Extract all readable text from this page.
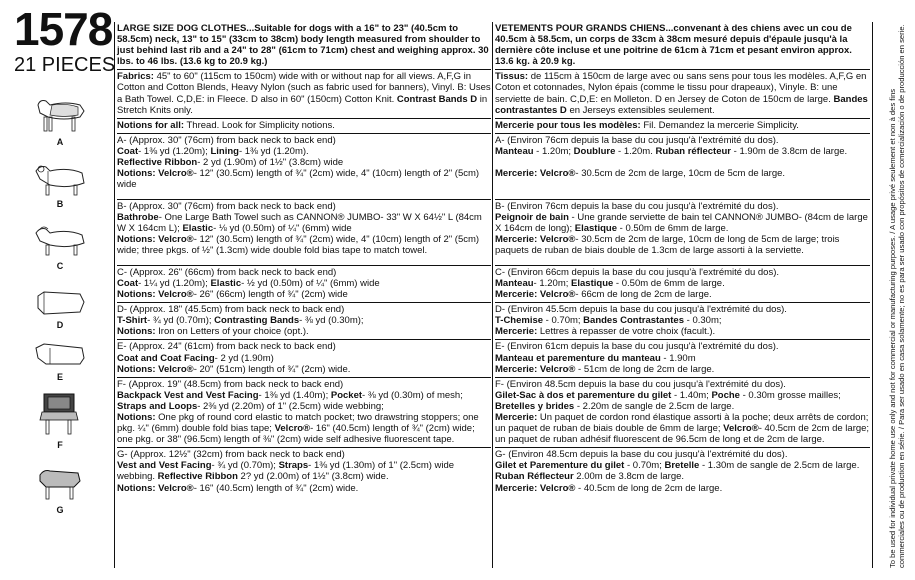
1578
21 PIECES
A
B
C
D
E
F
G

LARGE SIZE DOG CLOTHES...Suitable for dogs with a 16" to 23" (40.5cm to 58.5cm) neck, 13" to 15" (33cm to 38cm) body length measured from shoulder to just behind last rib and a 24" to 28" (61cm to 71cm) chest and weighing approx. 30 lbs. to 46 lbs. (13.6 kg to 20.9 kg.)

Fabrics: 45" to 60" (115cm to 150cm) wide with or without nap for all views. A,F,G in Cotton and Cotton Blends, Heavy Nylon (such as fabric used for banners), Vinyl. B: Uses a Bath Towel. C,D,E: in Fleece. D also in 60" (150cm) Cotton Knit. Contrast Bands D in Stretch Knits only.

Notions for all: Thread. Look for Simplicity notions.

A- (Approx. 30" (76cm) from back neck to back end)

Coat- 1⅜ yd (1.20m); Lining- 1⅜ yd (1.20m).

Reflective Ribbon- 2 yd (1.90m) of 1½" (3.8cm) wide

Notions: Velcro®- 12" (30.5cm) length of ¾" (2cm) wide, 4" (10cm) length of 2" (5cm) wide

B- (Approx. 30" (76cm) from back neck to back end)

Bathrobe- One Large Bath Towel such as CANNON® JUMBO- 33" W X 64½" L (84cm W X 164cm L); Elastic- ⅛ yd (0.50m) of ¼" (6mm) wide

Notions: Velcro®- 12" (30.5cm) length of ¾" (2cm) wide, 4" (10cm) length of 2" (5cm) wide; three pkgs. of ½" (1.3cm) wide double fold bias tape to match towel.

C- (Approx. 26" (66cm) from back neck to back end)

Coat- 1¼ yd (1.20m); Elastic- ½ yd (0.50m) of ¼" (6mm) wide

Notions: Velcro®- 26" (66cm) length of ¾" (2cm) wide

D- (Approx. 18" (45.5cm) from back neck to back end)

T-Shirt- ¾ yd (0.70m); Contrasting Bands- ⅜ yd (0.30m);

Notions: Iron on Letters of your choice (opt.).

E- (Approx. 24" (61cm) from back neck to back end)

Coat and Coat Facing- 2 yd (1.90m)

Notions: Velcro®- 20" (51cm) length of ¾" (2cm) wide.

F- (Approx. 19" (48.5cm) from back neck to back end)

Backpack Vest and Vest Facing- 1⅜ yd (1.40m); Pocket- ⅜ yd (0.30m) of mesh;

Straps and Loops- 2⅜ yd (2.20m) of 1" (2.5cm) wide webbing;

Notions: One pkg of round cord elastic to match pocket; two drawstring stoppers; one pkg. ¼" (6mm) double fold bias tape; Velcro®- 16" (40.5cm) length of ¾" (2cm) wide; one pkg. or 38" (96.5cm) length of ⅜" (2cm) wide self adhesive fluorescent tape.

G- (Approx. 12½" (32cm) from back neck to back end)

Vest and Vest Facing- ¾ yd (0.70m); Straps- 1⅜ yd (1.30m) of 1" (2.5cm) wide webbing. Reflective Ribbon 2? yd (2.00m) of 1½" (3.8cm) wide.

Notions: Velcro®- 16" (40.5cm) length of ¾" (2cm) wide.

VETEMENTS POUR GRANDS CHIENS...convenant à des chiens avec un cou de 40.5cm à 58.5cm, un corps de 33cm à 38cm mesuré depuis d'épaule jusqu'à la dernière côte incluse et une poitrine de 61cm à 71cm et pesant environ approx. 13.6 kg. à 20.9 kg.

Tissus: de 115cm à 150cm de large avec ou sans sens pour tous les modèles. A,F,G en Coton et cotonnades, Nylon épais (comme le tissu pour drapeaux), Vinyle. B: une serviette de bain. C,D,E: en Molleton. D en Jersey de Coton de 150cm de large. Bandes contrastantes D en Jerseys extensibles seulement.

Mercerie pour tous les modèles: Fil. Demandez la mercerie Simplicity.

A- (Environ 76cm depuis la base du cou jusqu'à l'extrémité du dos).

Manteau - 1.20m; Doublure - 1.20m. Ruban réflecteur - 1.90m de 3.8cm de large.

Mercerie: Velcro®- 30.5cm de 2cm de large, 10cm de 5cm de large.

B- (Environ 76cm depuis la base du cou jusqu'à l'extrémité du dos).

Peignoir de bain - Une grande serviette de bain tel CANNON® JUMBO- (84cm de large X 164cm de long); Elastique - 0.50m de 6mm de large.

Mercerie: Velcro®- 30.5cm de 2cm de large, 10cm de long de 5cm de large; trois paquets de ruban de biais double de 1.3cm de large assorti à la serviette.

C- (Environ 66cm depuis la base du cou jusqu'à l'extrémité du dos).

Manteau- 1.20m; Elastique - 0.50m de 6mm de large.

Mercerie: Velcro®- 66cm de long de 2cm de large.

D- (Environ 45.5cm depuis la base du cou jusqu'à l'extrémité du dos).

T-Chemise - 0.70m; Bandes Contrastantes - 0.30m;

Mercerie: Lettres à repasser de votre choix (facult.).

E- (Environ 61cm depuis la base du cou jusqu'à l'extrémité du dos).

Manteau et parementure du manteau - 1.90m

Mercerie: Velcro® - 51cm de long de 2cm de large.

F- (Environ 48.5cm depuis la base du cou jusqu'à l'extrémité du dos).

Gilet-Sac à dos et parementure du gilet - 1.40m; Poche - 0.30m grosse mailles;

Bretelles y brides - 2.20m de sangle de 2.5cm de large.

Mercerie: Un paquet de cordon rond élastique assorti à la poche; deux arrêts de cordon; un paquet de ruban de biais double de 6mm de large; Velcro®- 40.5cm de 2cm de large; un paquet de ruban adhésif fluorescent de 96.5cm de long et de 2cm de large.

G- (Environ 48.5cm depuis la base du cou jusqu'à l'extrémité du dos).

Gilet et Parementure du gilet - 0.70m; Bretelle - 1.30m de sangle de 2.5cm de large. Ruban Réflecteur 2.00m de 3.8cm de large.

Mercerie: Velcro® - 40.5cm de long de 2cm de large.	To be used for individual private home use only and not for commercial or manufacturing purposes. / A usage privé seulement et non à des fins commerciales ou de production en série. / Para ser usado en casa solamente; no es para ser usado con propósitos de comercialización o de producción en serie.
